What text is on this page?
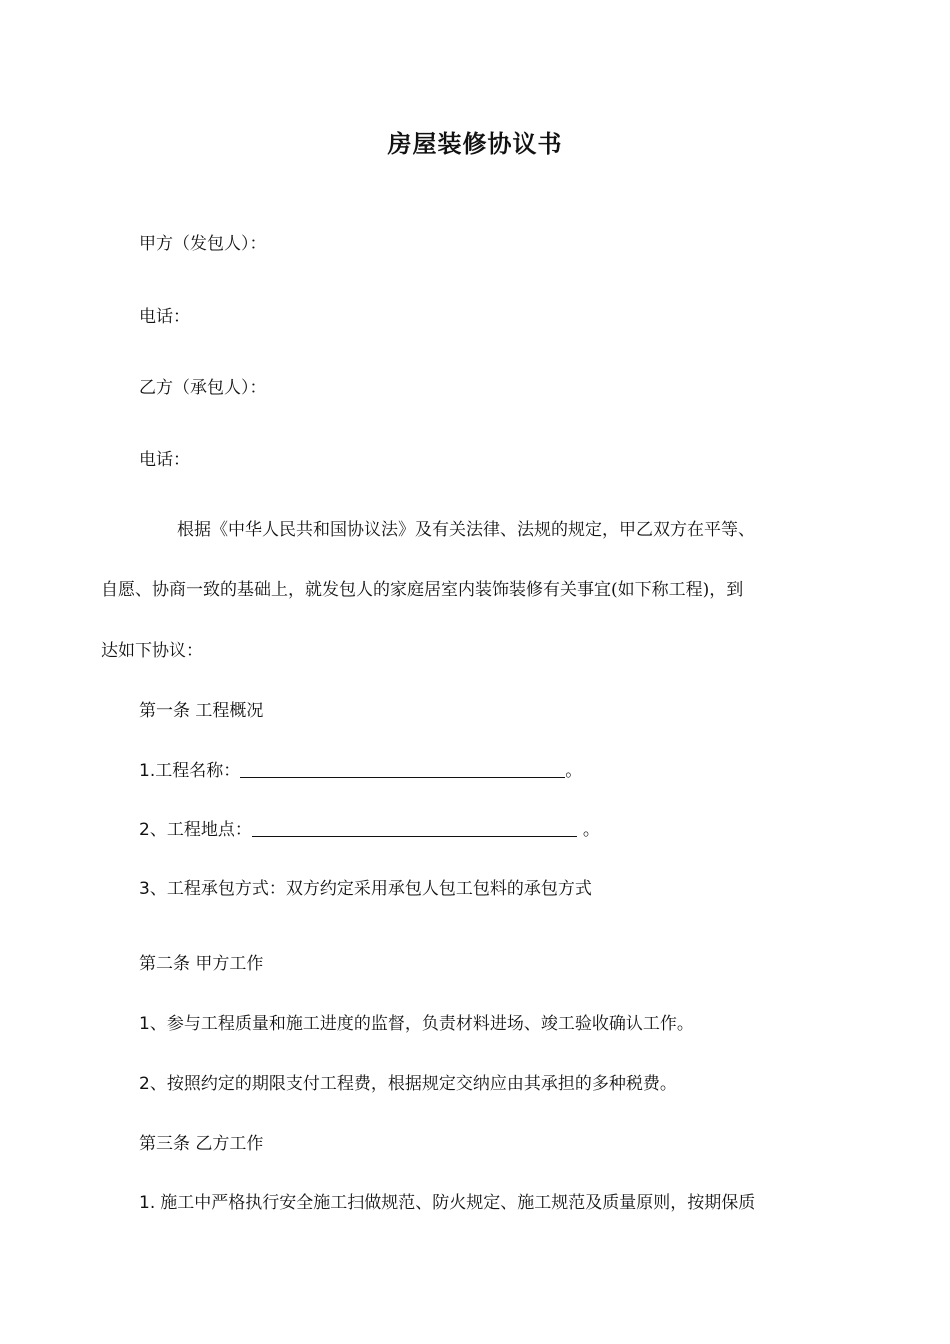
房屋装修协议书
甲方（发包人）：
电话：
乙方（承包人）：
电话：
根据《中华人民共和国协议法》及有关法律、法规的规定，甲乙双方在平等、
自愿、协商一致的基础上，就发包人的家庭居室内装饰装修有关事宜(如下称工程)，到
达如下协议：
第一条 工程概况
1.工程名称：	。
2、工程地点：	。
3、工程承包方式：双方约定采用承包人包工包料的承包方式
第二条 甲方工作
1、参与工程质量和施工进度的监督，负责材料进场、竣工验收确认工作。
2、按照约定的期限支付工程费，根据规定交纳应由其承担的多种税费。
第三条 乙方工作
1. 施工中严格执行安全施工扫做规范、防火规定、施工规范及质量原则，按期保质
